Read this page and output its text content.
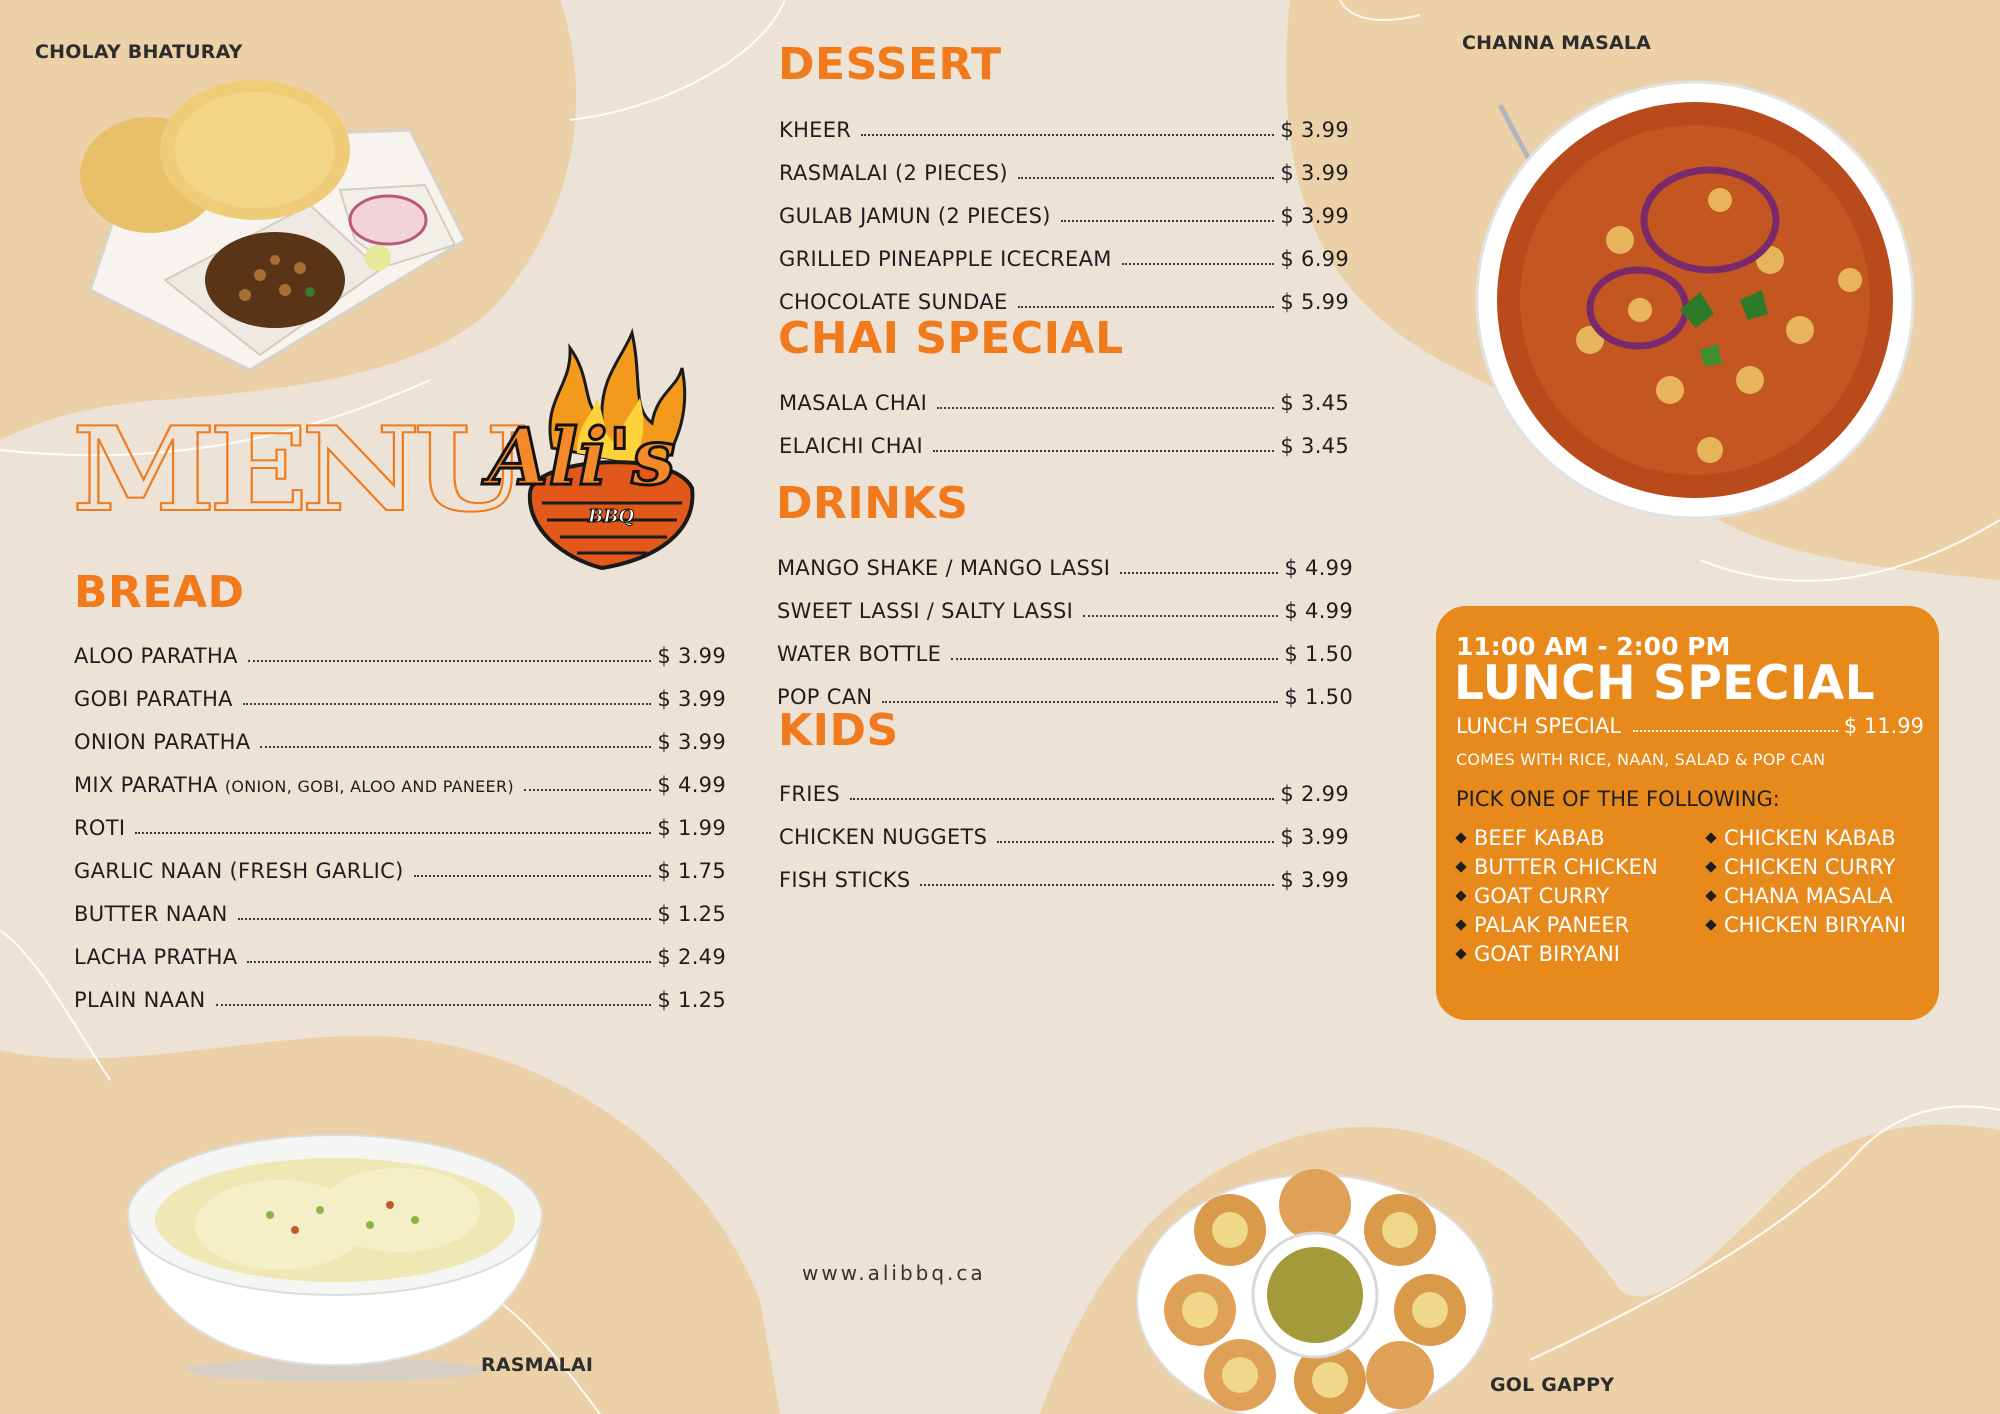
CHOLAY BHATURAY	CHANNA MASALA
RASMALAI
GOL GAPPY
MENU
Ali's
BBQ
BREAD
ALOO PARATHA	$ 3.99
GOBI PARATHA	$ 3.99
ONION PARATHA	$ 3.99
MIX PARATHA (ONION, GOBI, ALOO AND PANEER)	$ 4.99
ROTI	$ 1.99
GARLIC NAAN (FRESH GARLIC)	$ 1.75
BUTTER NAAN	$ 1.25
LACHA PRATHA	$ 2.49
PLAIN NAAN	$ 1.25
DESSERT
KHEER	$ 3.99
RASMALAI (2 PIECES)	$ 3.99
GULAB JAMUN (2 PIECES)	$ 3.99
GRILLED PINEAPPLE ICECREAM	$ 6.99
CHOCOLATE SUNDAE	$ 5.99
CHAI SPECIAL
MASALA CHAI	$ 3.45
ELAICHI CHAI	$ 3.45
DRINKS
MANGO SHAKE / MANGO LASSI	$ 4.99
SWEET LASSI / SALTY LASSI	$ 4.99
WATER BOTTLE	$ 1.50
POP CAN	$ 1.50
KIDS
FRIES	$ 2.99
CHICKEN NUGGETS	$ 3.99
FISH STICKS	$ 3.99
11:00 AM - 2:00 PM
LUNCH SPECIAL
LUNCH SPECIAL	$ 11.99
COMES WITH RICE, NAAN, SALAD & POP CAN
PICK ONE OF THE FOLLOWING:
BEEF KABAB	CHICKEN KABAB
BUTTER CHICKEN	CHICKEN CURRY
GOAT CURRY	CHANA MASALA
PALAK PANEER	CHICKEN BIRYANI
GOAT BIRYANI
www.alibbq.ca
